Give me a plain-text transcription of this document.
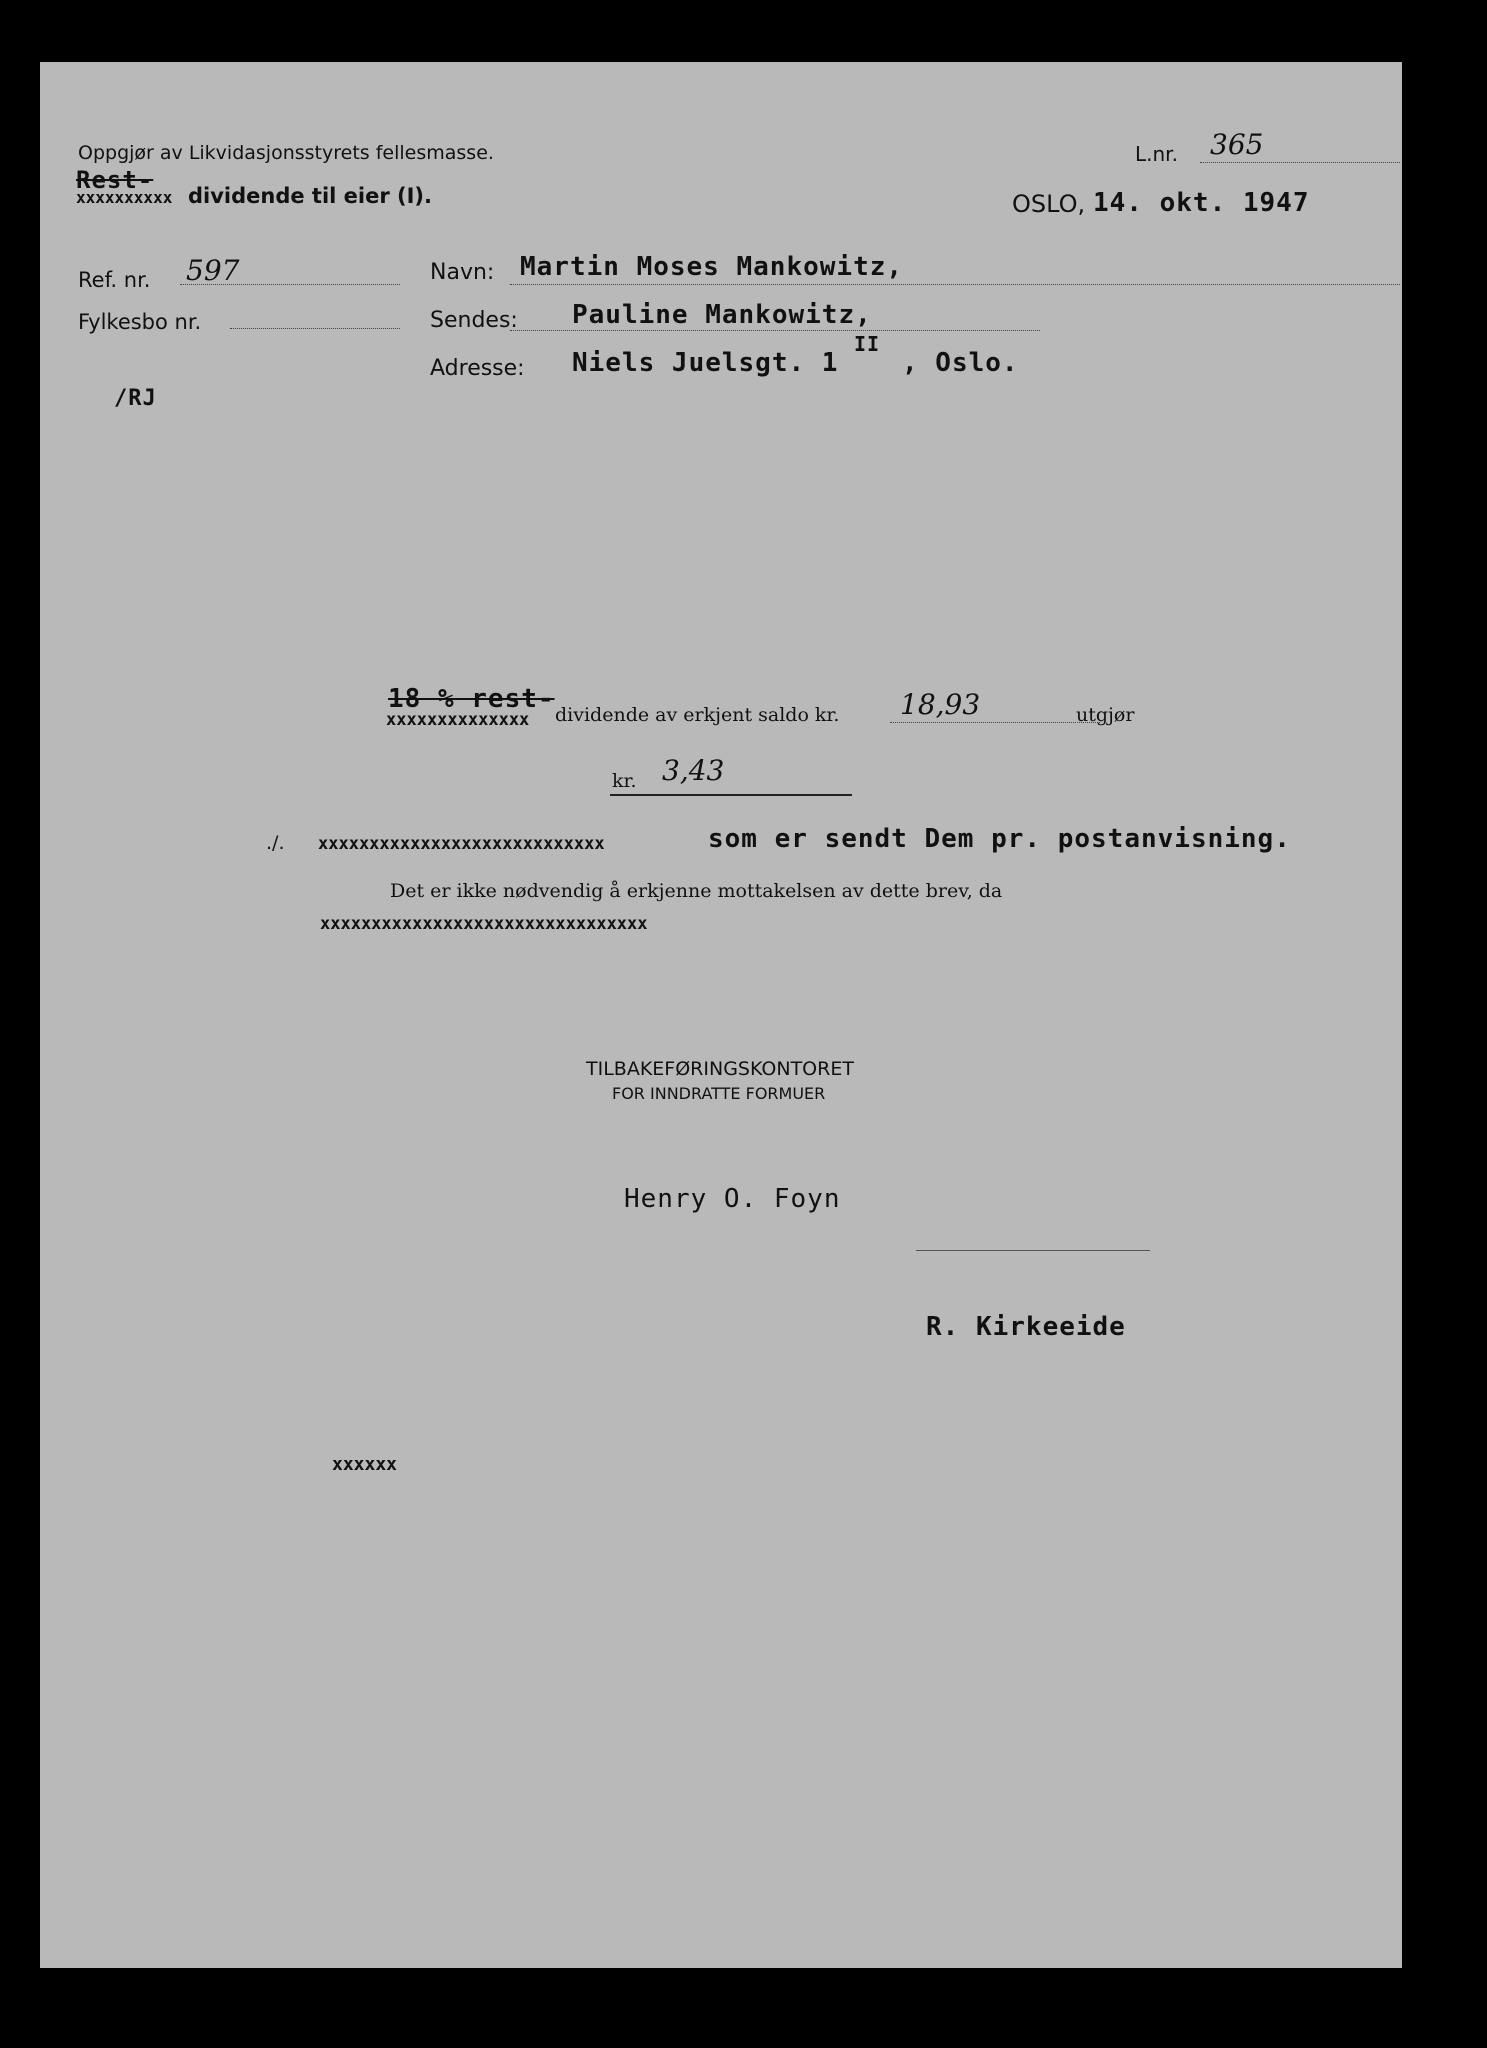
Oppgjør av Likvidasjonsstyrets fellesmasse.
Rest-
xxxxxxxxxx dividende til eier (I).
L.nr. 365
OSLO, 14. okt. 1947
Ref. nr. 597
Fylkesbo nr.
/RJ
Navn: Martin Moses Mankowitz,
Sendes: Pauline Mankowitz,
Adresse: Niels Juelsgt. 1
II
, Oslo.
18 % rest-
xxxxxxxxxxxxxx dividende av erkjent saldo kr. 18,93	utgjør
kr. 3,43
./. xxxxxxxxxxxxxxxxxxxxxxxxxxxx	som er sendt Dem pr. postanvisning.
Det er ikke nødvendig å erkjenne mottakelsen av dette brev, da
xxxxxxxxxxxxxxxxxxxxxxxxxxxxxxxx
TILBAKEFØRINGSKONTORET
FOR INNDRATTE FORMUER
Henry O. Foyn
R. Kirkeeide
xxxxxx
